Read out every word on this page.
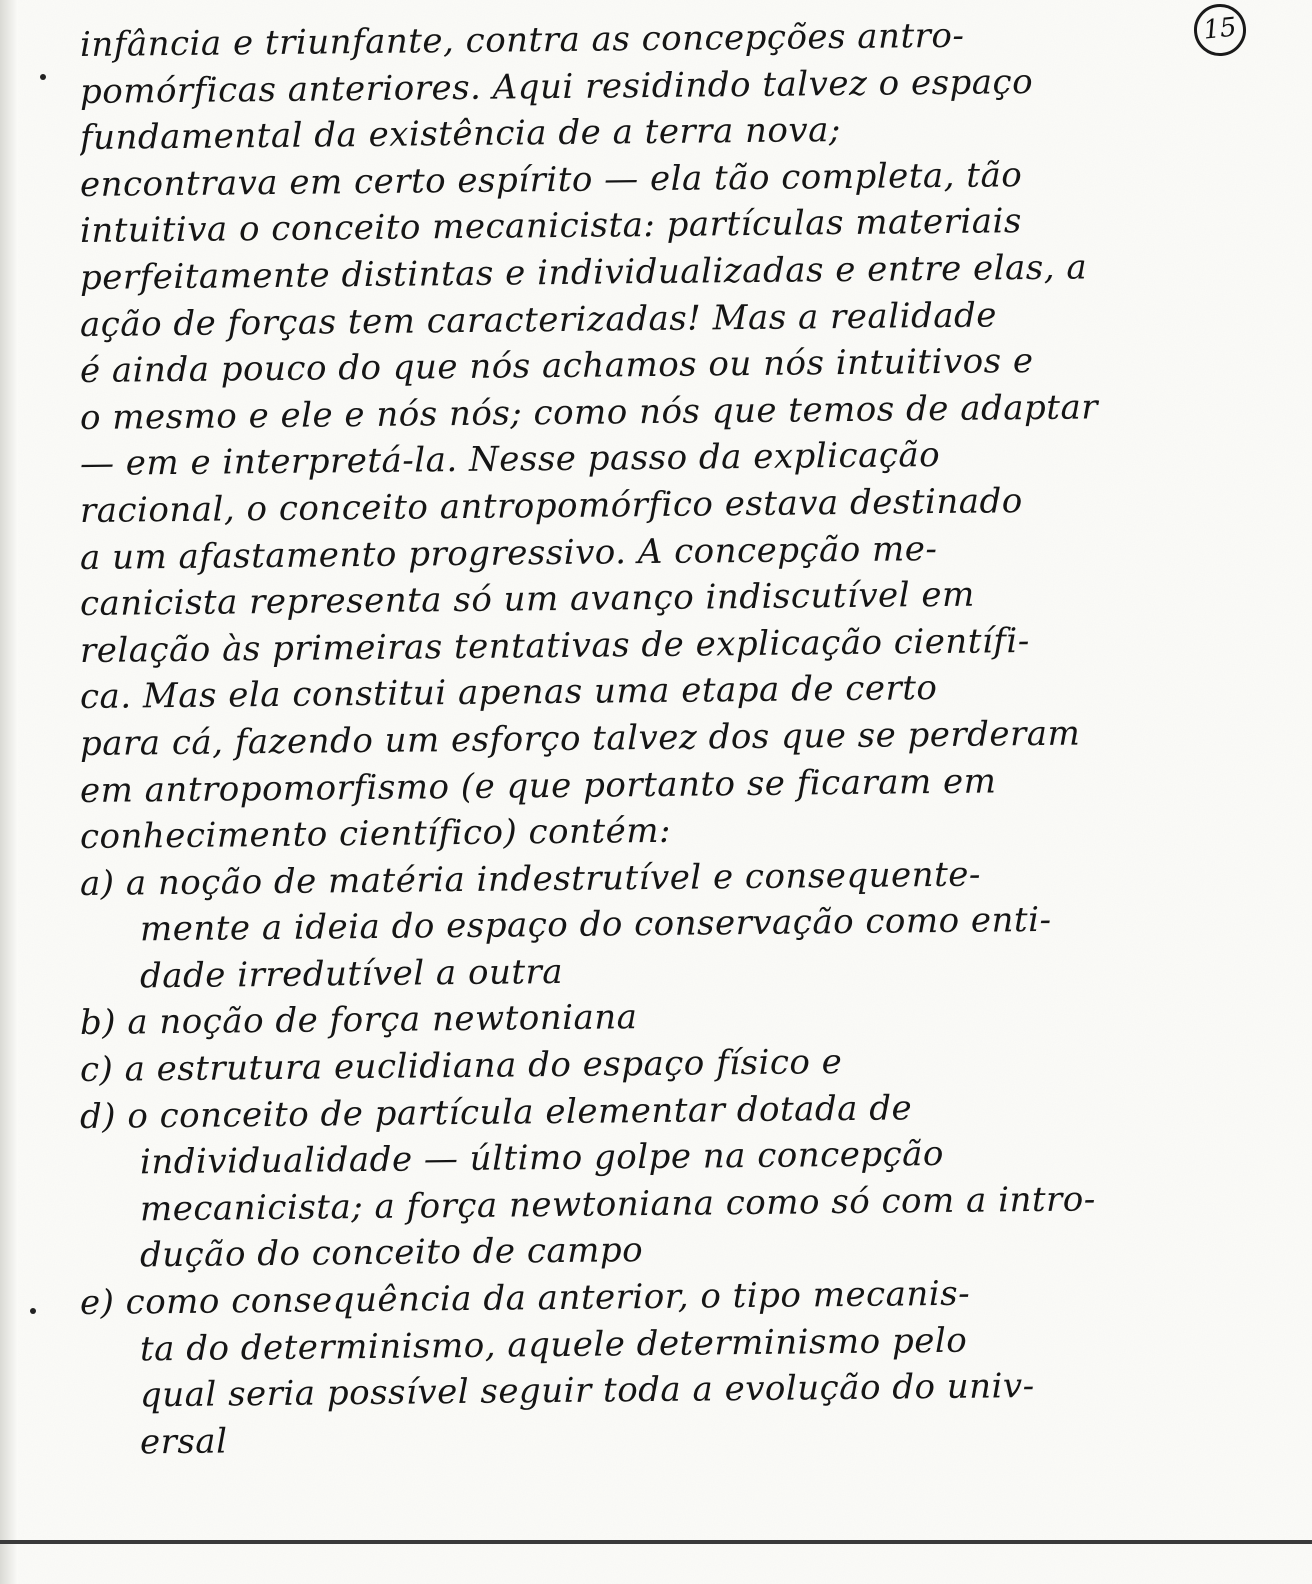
15
infância e triunfante, contra as concepções antro-
pomórficas anteriores. Aqui residindo talvez o espaço
fundamental da existência de a terra nova;
encontrava em certo espírito — ela tão completa, tão
intuitiva o conceito mecanicista: partículas materiais
perfeitamente distintas e individualizadas e entre elas, a
ação de forças tem caracterizadas! Mas a realidade
é ainda pouco do que nós achamos ou nós intuitivos e
o mesmo e ele e nós nós; como nós que temos de adaptar
— em e interpretá-la. Nesse passo da explicação
racional, o conceito antropomórfico estava destinado
a um afastamento progressivo. A concepção me-
canicista representa só um avanço indiscutível em
relação às primeiras tentativas de explicação científi-
ca. Mas ela constitui apenas uma etapa de certo
para cá, fazendo um esforço talvez dos que se perderam
em antropomorfismo (e que portanto se ficaram em
conhecimento científico) contém:
a) a noção de matéria indestrutível e consequente-
mente a ideia do espaço do conservação como enti-
dade irredutível a outra
b) a noção de força newtoniana
c) a estrutura euclidiana do espaço físico e
d) o conceito de partícula elementar dotada de
individualidade — último golpe na concepção
mecanicista; a força newtoniana como só com a intro-
dução do conceito de campo
e) como consequência da anterior, o tipo mecanis-
ta do determinismo, aquele determinismo pelo
qual seria possível seguir toda a evolução do univ-
ersal
